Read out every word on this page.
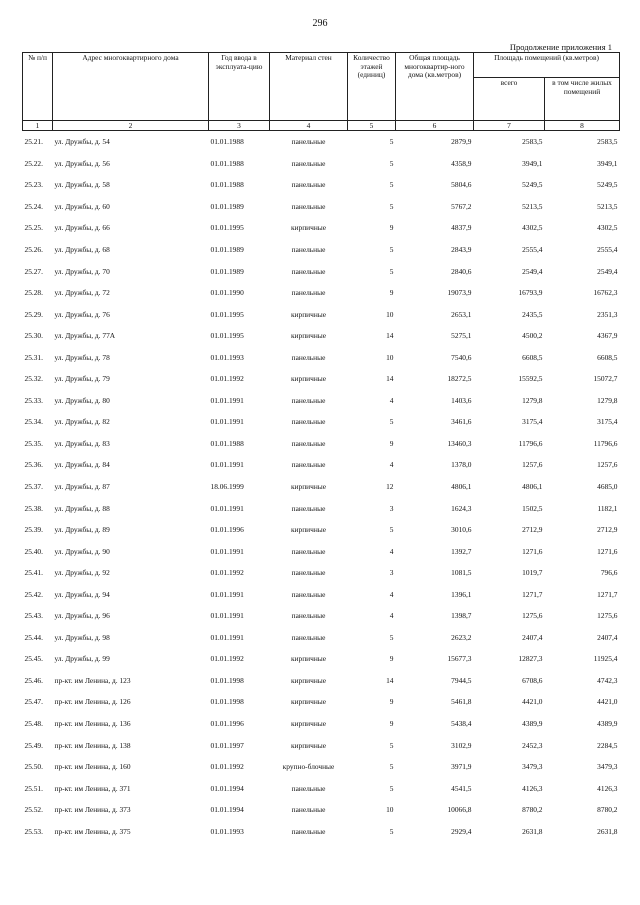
296
Продолжение приложения 1
№ п/п	Адрес многоквартирного дома	Год ввода в эксплуата-цию	Материал стен	Количество этажей (единиц)	Общая площадь многоквартир-ного дома (кв.метров)	Площадь помещений (кв.метров)	
						всего	в том числе жилых помещений
1	2	3	4	5	6	7	8
25.21.	ул. Дружбы, д. 54	01.01.1988	панельные	5	2879,9	2583,5	2583,5
25.22.	ул. Дружбы, д. 56	01.01.1988	панельные	5	4358,9	3949,1	3949,1
25.23.	ул. Дружбы, д. 58	01.01.1988	панельные	5	5804,6	5249,5	5249,5
25.24.	ул. Дружбы, д. 60	01.01.1989	панельные	5	5767,2	5213,5	5213,5
25.25.	ул. Дружбы, д. 66	01.01.1995	кирпичные	9	4837,9	4302,5	4302,5
25.26.	ул. Дружбы, д. 68	01.01.1989	панельные	5	2843,9	2555,4	2555,4
25.27.	ул. Дружбы, д. 70	01.01.1989	панельные	5	2840,6	2549,4	2549,4
25.28.	ул. Дружбы, д. 72	01.01.1990	панельные	9	19073,9	16793,9	16762,3
25.29.	ул. Дружбы, д. 76	01.01.1995	кирпичные	10	2653,1	2435,5	2351,3
25.30.	ул. Дружбы, д. 77А	01.01.1995	кирпичные	14	5275,1	4500,2	4367,9
25.31.	ул. Дружбы, д. 78	01.01.1993	панельные	10	7540,6	6608,5	6608,5
25.32.	ул. Дружбы, д. 79	01.01.1992	кирпичные	14	18272,5	15592,5	15072,7
25.33.	ул. Дружбы, д. 80	01.01.1991	панельные	4	1403,6	1279,8	1279,8
25.34.	ул. Дружбы, д. 82	01.01.1991	панельные	5	3461,6	3175,4	3175,4
25.35.	ул. Дружбы, д. 83	01.01.1988	панельные	9	13460,3	11796,6	11796,6
25.36.	ул. Дружбы, д. 84	01.01.1991	панельные	4	1378,0	1257,6	1257,6
25.37.	ул. Дружбы, д. 87	18.06.1999	кирпичные	12	4806,1	4806,1	4685,0
25.38.	ул. Дружбы, д. 88	01.01.1991	панельные	3	1624,3	1502,5	1182,1
25.39.	ул. Дружбы, д. 89	01.01.1996	кирпичные	5	3010,6	2712,9	2712,9
25.40.	ул. Дружбы, д. 90	01.01.1991	панельные	4	1392,7	1271,6	1271,6
25.41.	ул. Дружбы, д. 92	01.01.1992	панельные	3	1081,5	1019,7	796,6
25.42.	ул. Дружбы, д. 94	01.01.1991	панельные	4	1396,1	1271,7	1271,7
25.43.	ул. Дружбы, д. 96	01.01.1991	панельные	4	1398,7	1275,6	1275,6
25.44.	ул. Дружбы, д. 98	01.01.1991	панельные	5	2623,2	2407,4	2407,4
25.45.	ул. Дружбы, д. 99	01.01.1992	кирпичные	9	15677,3	12827,3	11925,4
25.46.	пр-кт. им Ленина, д. 123	01.01.1998	кирпичные	14	7944,5	6708,6	4742,3
25.47.	пр-кт. им Ленина, д. 126	01.01.1998	кирпичные	9	5461,8	4421,0	4421,0
25.48.	пр-кт. им Ленина, д. 136	01.01.1996	кирпичные	9	5438,4	4389,9	4389,9
25.49.	пр-кт. им Ленина, д. 138	01.01.1997	кирпичные	5	3102,9	2452,3	2284,5
25.50.	пр-кт. им Ленина, д. 160	01.01.1992	крупно-блочные	5	3971,9	3479,3	3479,3
25.51.	пр-кт. им Ленина, д. 371	01.01.1994	панельные	5	4541,5	4126,3	4126,3
25.52.	пр-кт. им Ленина, д. 373	01.01.1994	панельные	10	10066,8	8780,2	8780,2
25.53.	пр-кт. им Ленина, д. 375	01.01.1993	панельные	5	2929,4	2631,8	2631,8
